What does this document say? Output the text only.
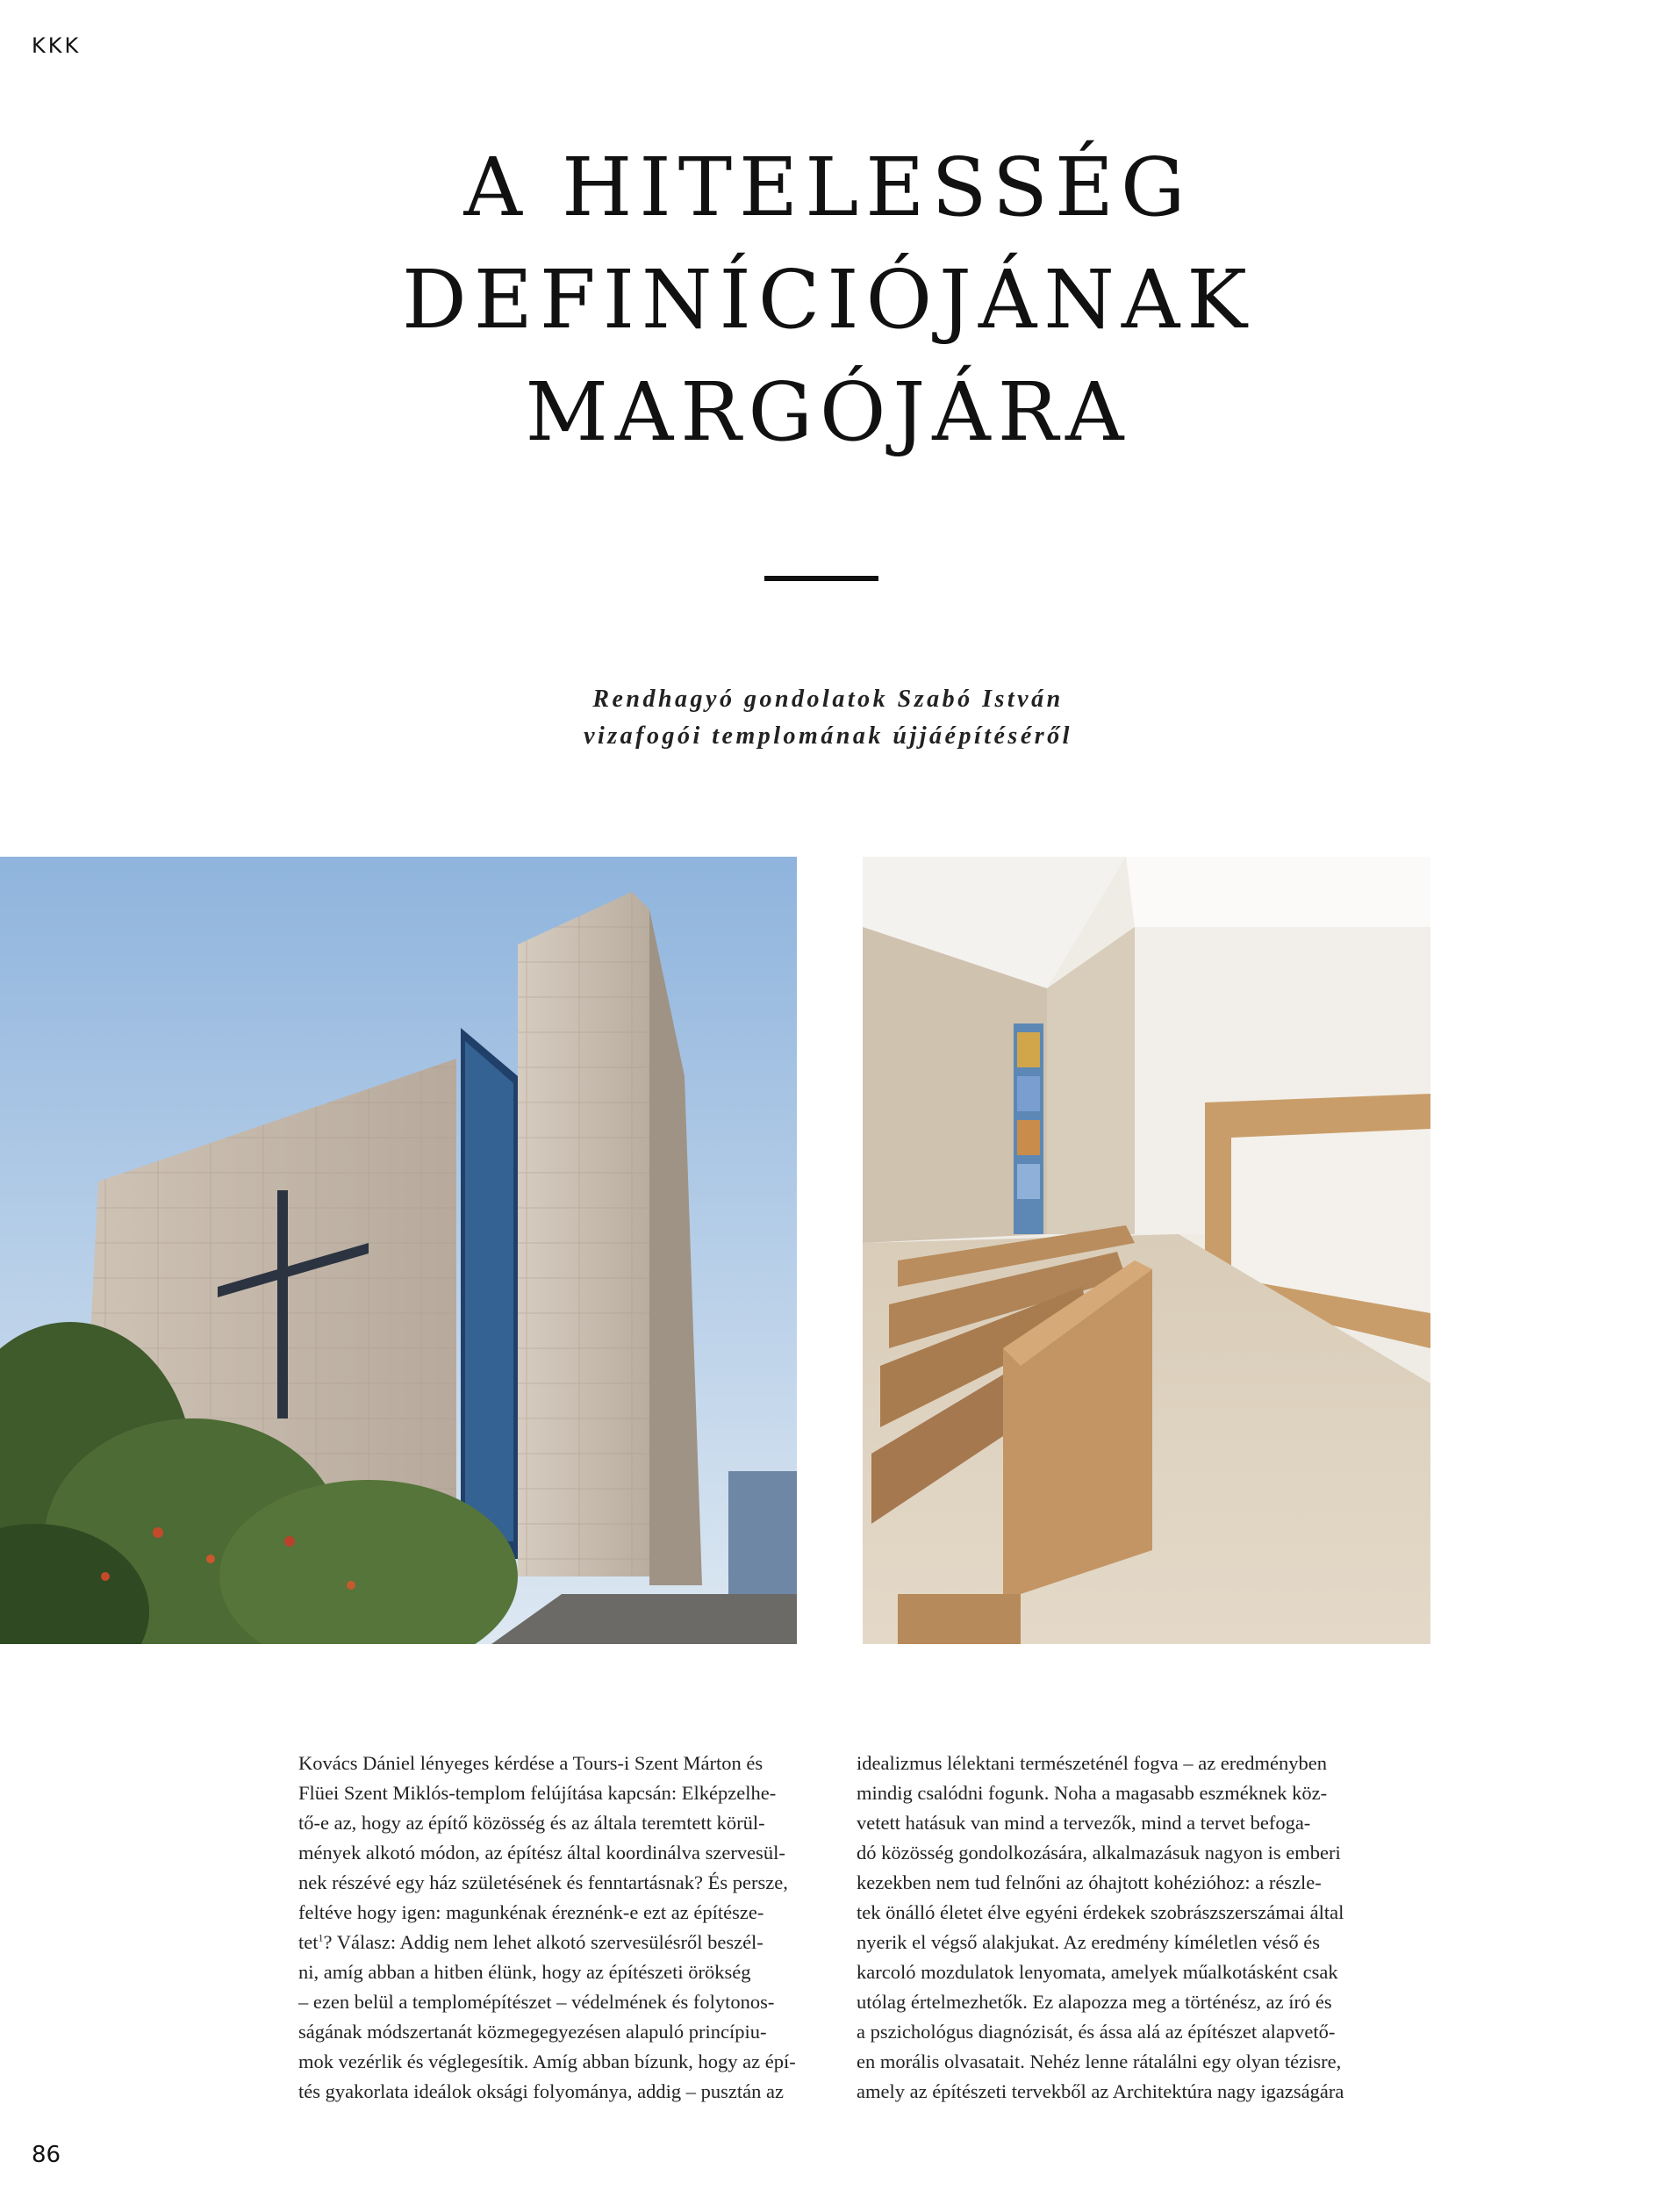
KKK
A HITELESSÉG
DEFINÍCIÓJÁNAK
MARGÓJÁRA

Rendhagyó gondolatok Szabó István
vizafogói templomának újjáépítéséről

Kovács Dániel lényeges kérdése a Tours-i Szent Márton és
Flüei Szent Miklós-templom felújítása kapcsán: Elképzelhe-
tő-e az, hogy az építő közösség és az általa teremtett körül-
mények alkotó módon, az építész által koordinálva szervesül-
nek részévé egy ház születésének és fenntartásnak? És persze,
feltéve hogy igen: magunkénak éreznénk-e ezt az építésze-
tet$^1$? Válasz: Addig nem lehet alkotó szervesülésről beszél-
ni, amíg abban a hitben élünk, hogy az építészeti örökség
– ezen belül a templomépítészet – védelmének és folytonos-
ságának módszertanát közmegegyezésen alapuló princípiu-
mok vezérlik és véglegesítik. Amíg abban bízunk, hogy az épí-
tés gyakorlata ideálok oksági folyománya, addig – pusztán az

idealizmus lélektani természeténél fogva – az eredményben
mindig csalódni fogunk. Noha a magasabb eszméknek köz-
vetett hatásuk van mind a tervezők, mind a tervet befoga-
dó közösség gondolkozására, alkalmazásuk nagyon is emberi
kezekben nem tud felnőni az óhajtott kohézióhoz: a részle-
tek önálló életet élve egyéni érdekek szobrászszerszámai által
nyerik el végső alakjukat. Az eredmény kíméletlen véső és
karcoló mozdulatok lenyomata, amelyek műalkotásként csak
utólag értelmezhetők. Ez alapozza meg a történész, az író és
a pszichológus diagnózisát, és ássa alá az építészet alapvető-
en morális olvasatait. Nehéz lenne rátalálni egy olyan tézisre,
amely az építészeti tervekből az Architektúra nagy igazságára

86
